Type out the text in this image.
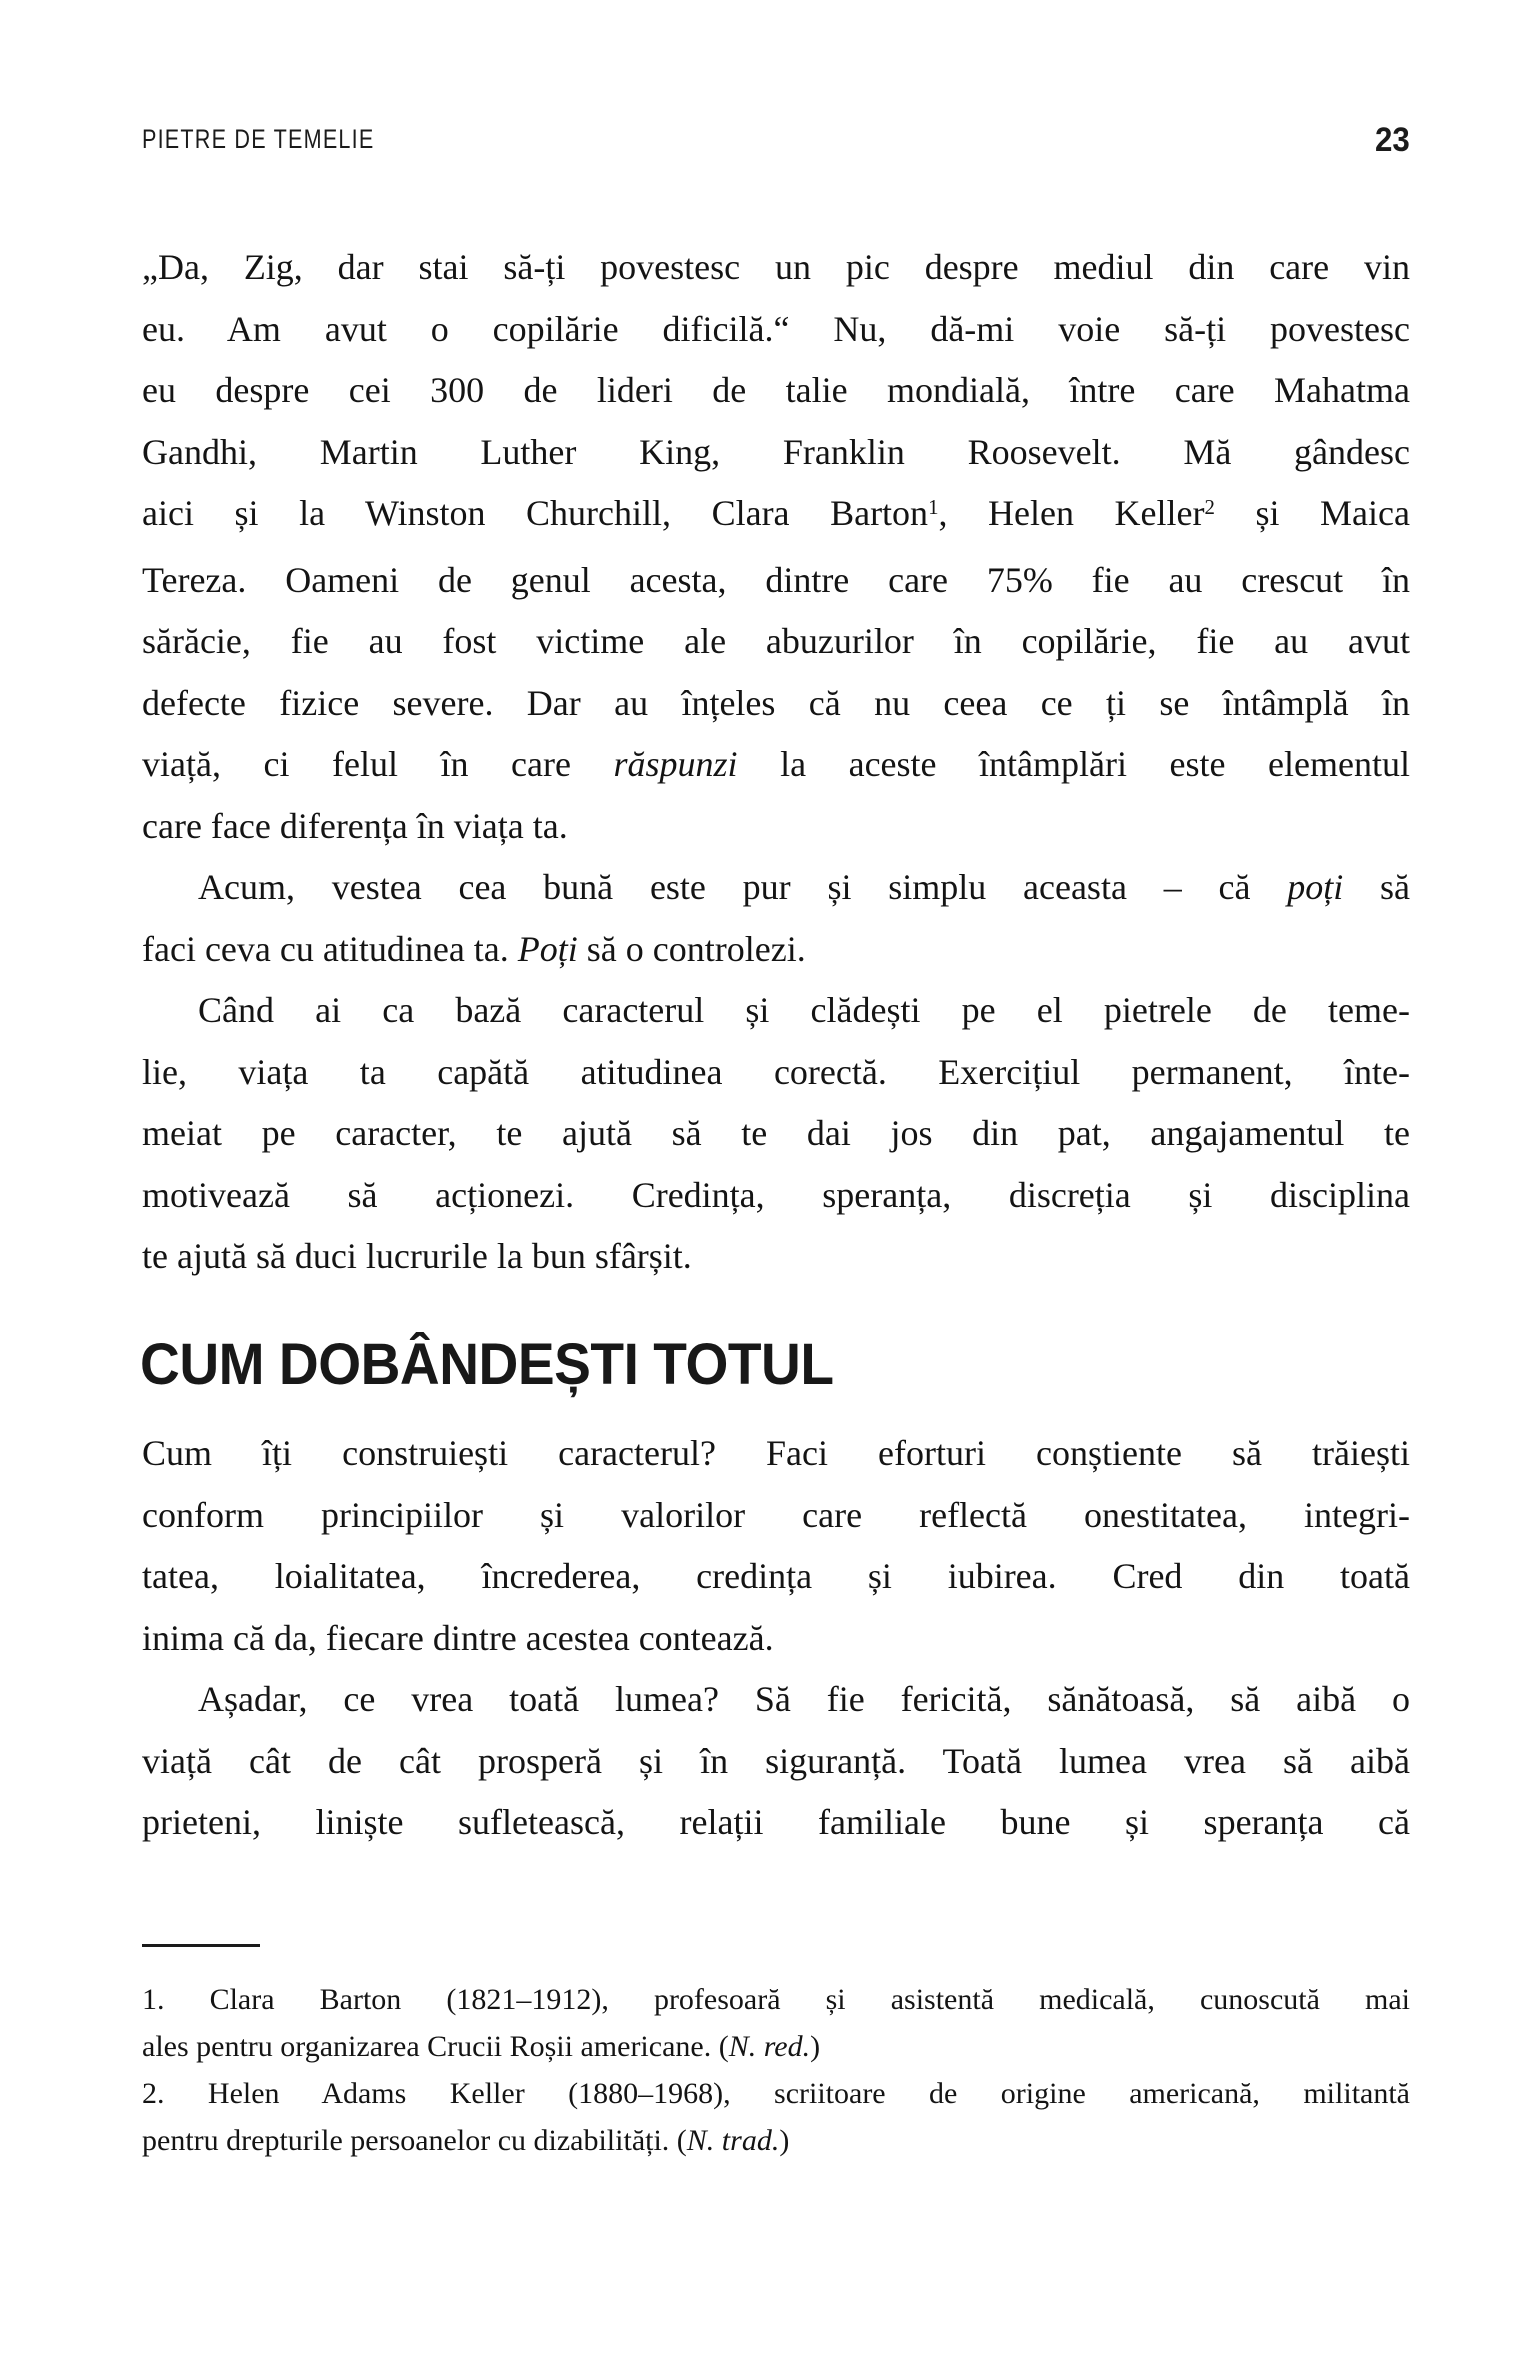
PIETRE DE TEMELIE	23
„Da, Zig, dar stai să-ți povestesc un pic despre mediul din care vin
eu. Am avut o copilărie dificilă.“ Nu, dă-mi voie să-ți povestesc
eu despre cei 300 de lideri de talie mondială, între care Mahatma
Gandhi, Martin Luther King, Franklin Roosevelt. Mă gândesc
aici și la Winston Churchill, Clara Barton$^1$, Helen Keller$^2$ și Maica
Tereza. Oameni de genul acesta, dintre care 75% fie au crescut în
sărăcie, fie au fost victime ale abuzurilor în copilărie, fie au avut
defecte fizice severe. Dar au înțeles că nu ceea ce ți se întâmplă în
viață, ci felul în care răspunzi la aceste întâmplări este elementul
care face diferența în viața ta.
Acum, vestea cea bună este pur și simplu aceasta – că poți să
faci ceva cu atitudinea ta. Poți să o controlezi.
Când ai ca bază caracterul și clădești pe el pietrele de teme-
lie, viața ta capătă atitudinea corectă. Exercițiul permanent, înte-
meiat pe caracter, te ajută să te dai jos din pat, angajamentul te
motivează să acționezi. Credința, speranța, discreția și disciplina
te ajută să duci lucrurile la bun sfârșit.
CUM DOBÂNDEȘTI TOTUL
Cum îți construiești caracterul? Faci eforturi conștiente să trăiești
conform principiilor și valorilor care reflectă onestitatea, integri-
tatea, loialitatea, încrederea, credința și iubirea. Cred din toată
inima că da, fiecare dintre acestea contează.
Așadar, ce vrea toată lumea? Să fie fericită, sănătoasă, să aibă o
viață cât de cât prosperă și în siguranță. Toată lumea vrea să aibă
prieteni, liniște sufletească, relații familiale bune și speranța că
1. Clara Barton (1821–1912), profesoară și asistentă medicală, cunoscută mai
ales pentru organizarea Crucii Roșii americane. (N. red.)
2. Helen Adams Keller (1880–1968), scriitoare de origine americană, militantă
pentru drepturile persoanelor cu dizabilități. (N. trad.)
